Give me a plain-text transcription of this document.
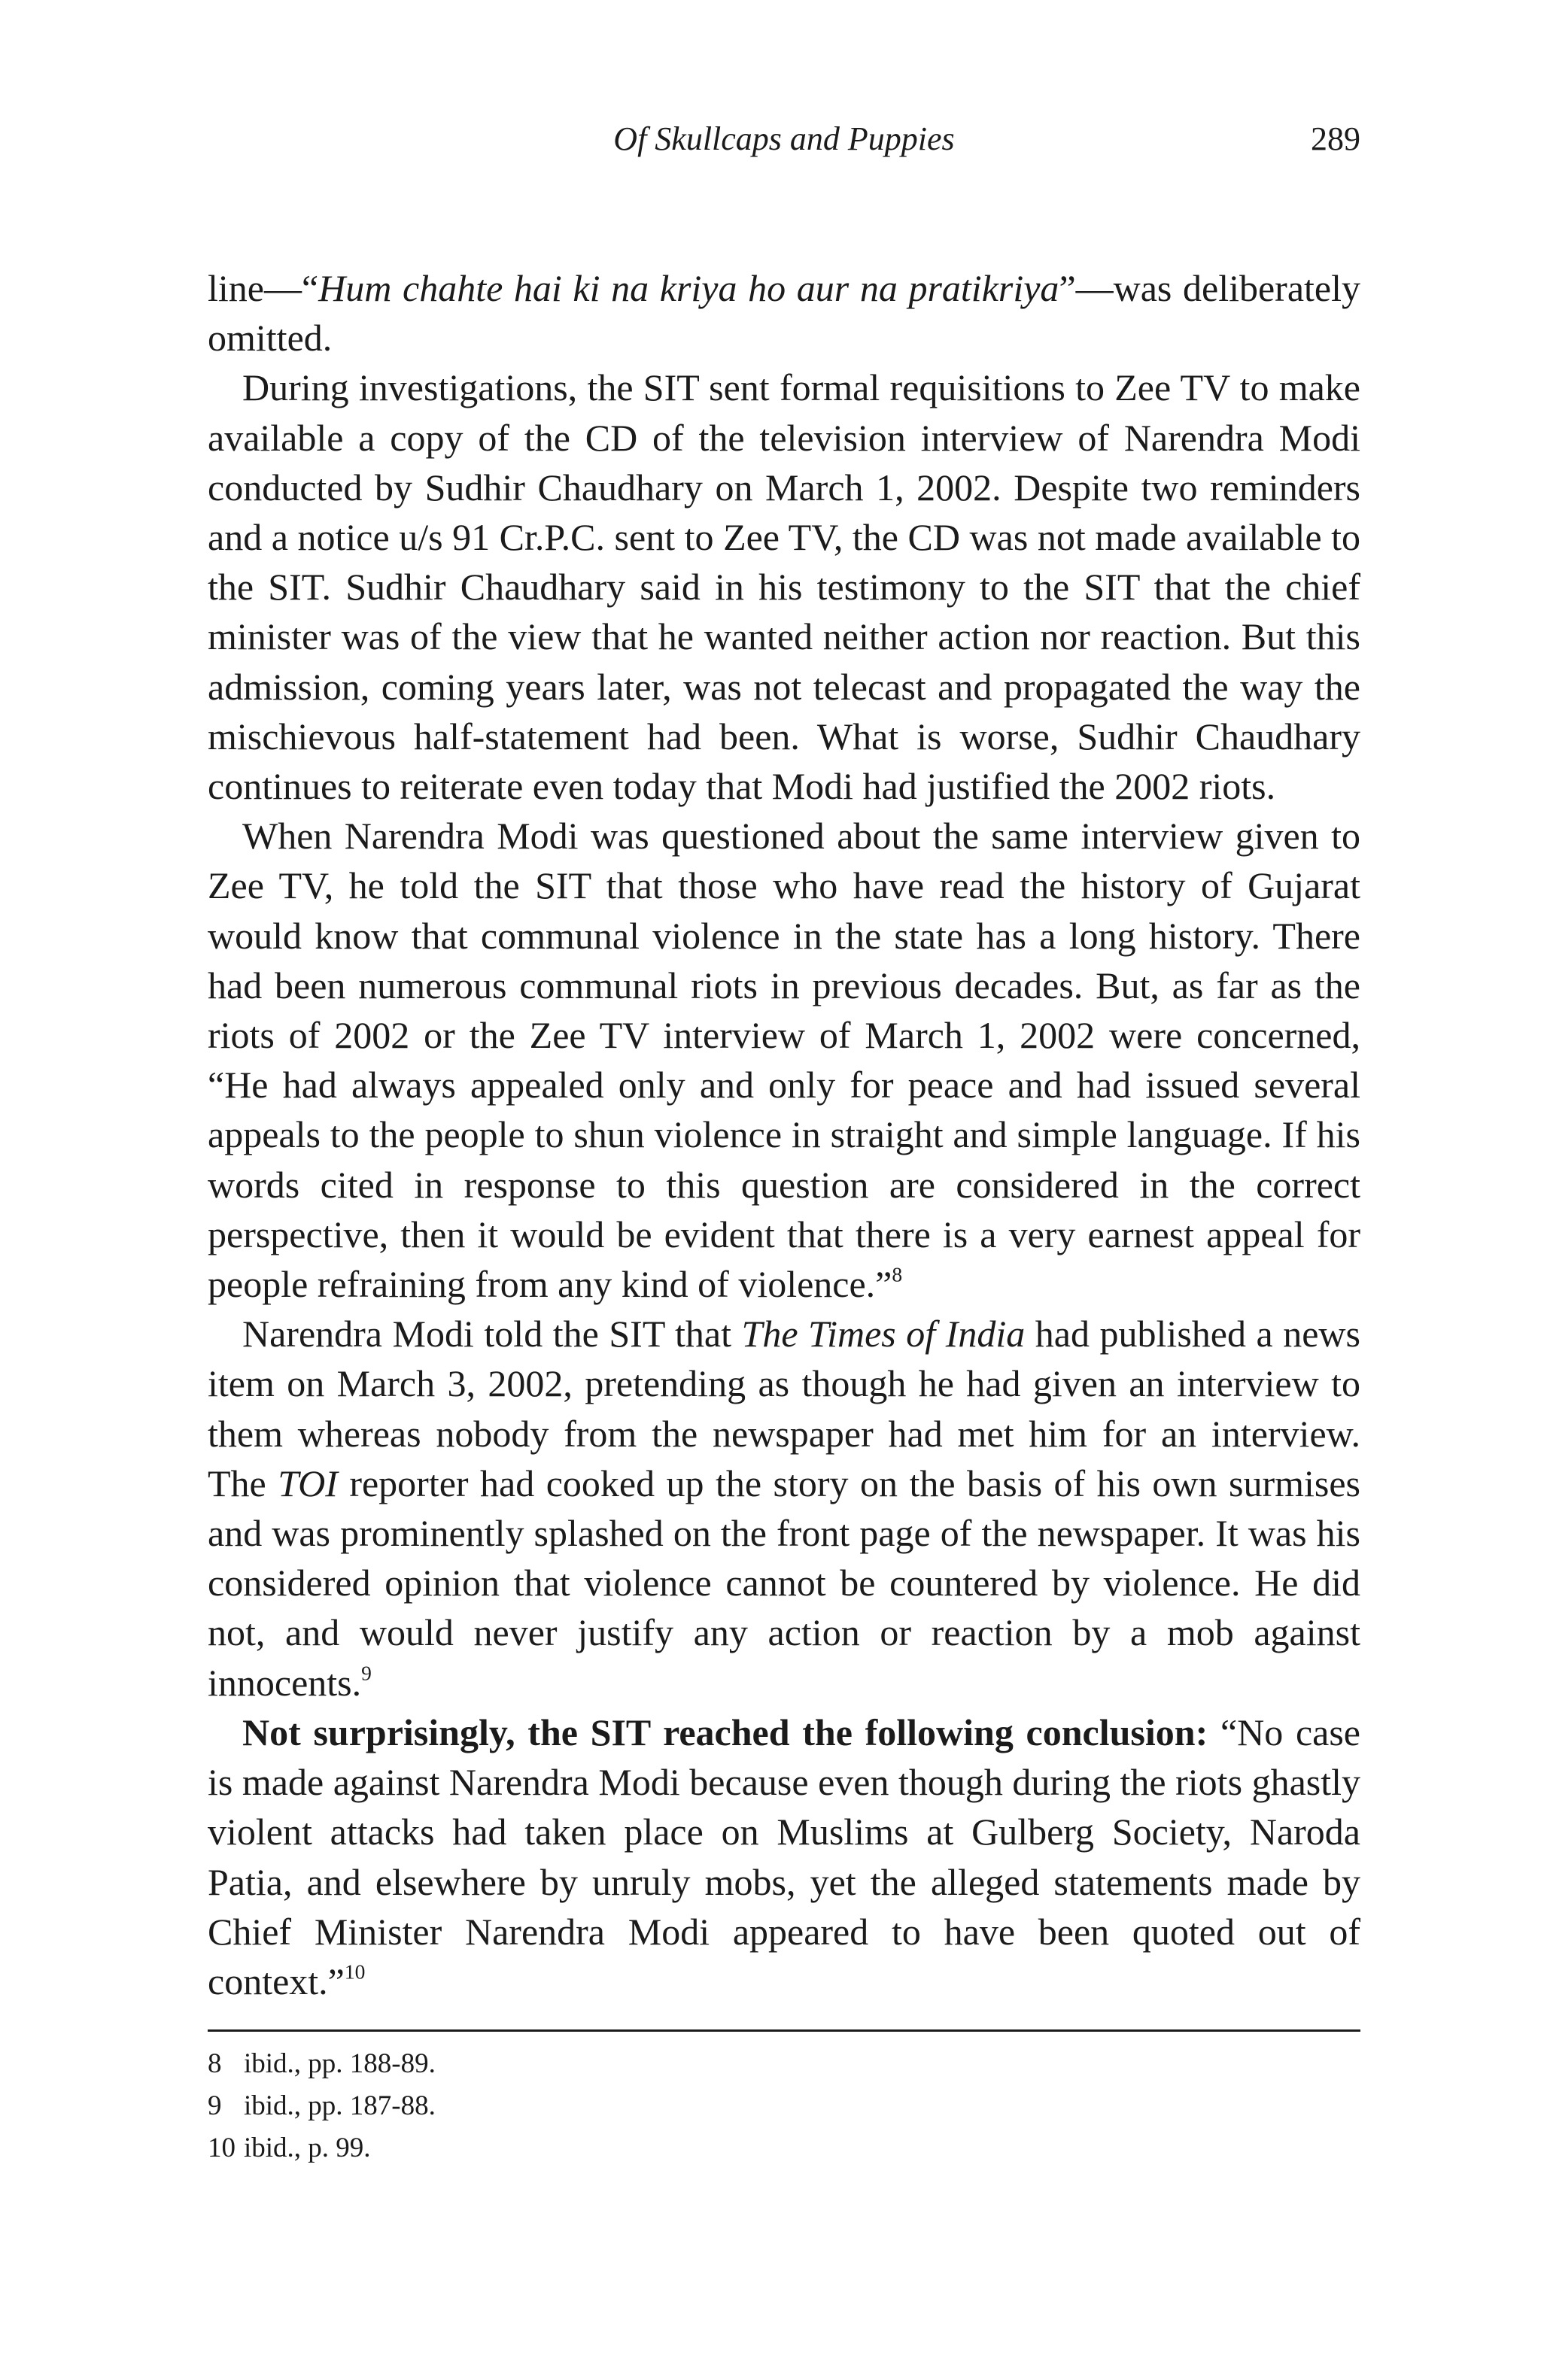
Of Skullcaps and Puppies	289

line—“Hum chahte hai ki na kriya ho aur na pratikriya”—was deliberately omitted.

During investigations, the SIT sent formal requisitions to Zee TV to make available a copy of the CD of the television interview of Narendra Modi conducted by Sudhir Chaudhary on March 1, 2002. Despite two reminders and a notice u/s 91 Cr.P.C. sent to Zee TV, the CD was not made available to the SIT. Sudhir Chaudhary said in his testimony to the SIT that the chief minister was of the view that he wanted neither action nor reaction. But this admission, coming years later, was not telecast and propagated the way the mischievous half-statement had been. What is worse, Sudhir Chaudhary continues to reiterate even today that Modi had justified the 2002 riots.

When Narendra Modi was questioned about the same interview given to Zee TV, he told the SIT that those who have read the history of Gujarat would know that communal violence in the state has a long history. There had been numerous communal riots in previous decades. But, as far as the riots of 2002 or the Zee TV interview of March 1, 2002 were concerned, “He had always appealed only and only for peace and had issued several appeals to the people to shun violence in straight and simple language. If his words cited in response to this question are considered in the correct perspective, then it would be evident that there is a very earnest appeal for people refraining from any kind of violence.”$^8$

Narendra Modi told the SIT that The Times of India had published a news item on March 3, 2002, pretending as though he had given an interview to them whereas nobody from the newspaper had met him for an interview. The TOI reporter had cooked up the story on the basis of his own surmises and was prominently splashed on the front page of the newspaper. It was his considered opinion that violence cannot be countered by violence. He did not, and would never justify any action or reaction by a mob against innocents.$^9$

Not surprisingly, the SIT reached the following conclusion: “No case is made against Narendra Modi because even though during the riots ghastly violent attacks had taken place on Muslims at Gulberg Society, Naroda Patia, and elsewhere by unruly mobs, yet the alleged statements made by Chief Minister Narendra Modi appeared to have been quoted out of context.”$^{10}$

8 ibid., pp. 188-89.
9 ibid., pp. 187-88.
10 ibid., p. 99.
